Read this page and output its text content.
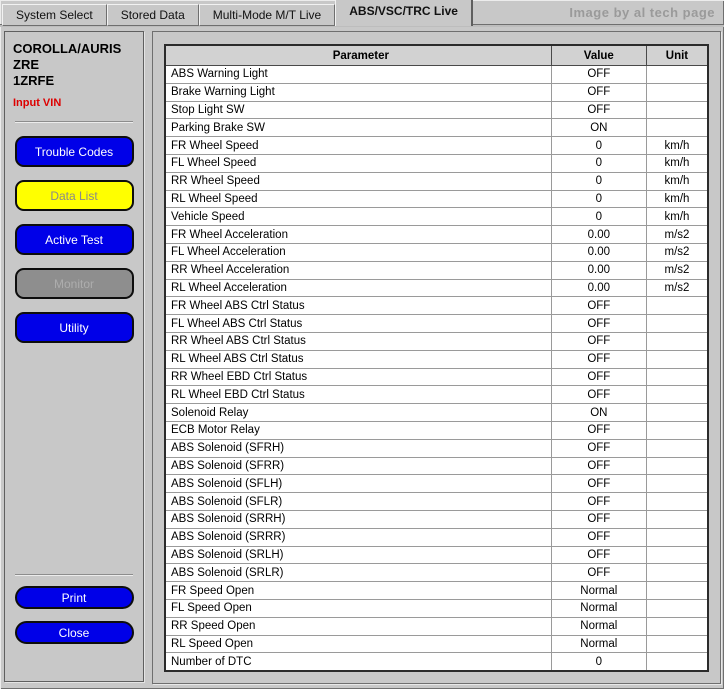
System Select	Stored Data	Multi-Mode M/T Live	ABS/VSC/TRC Live	Image by al tech page
COROLLA/AURIS
ZRE
1ZRFE
Input VIN
Trouble Codes
Data List
Active Test
Monitor
Utility
Print
Close
Parameter	Value	Unit
ABS Warning Light	OFF
Brake Warning Light	OFF
Stop Light SW	OFF
Parking Brake SW	ON
FR Wheel Speed	0	km/h
FL Wheel Speed	0	km/h
RR Wheel Speed	0	km/h
RL Wheel Speed	0	km/h
Vehicle Speed	0	km/h
FR Wheel Acceleration	0.00	m/s2
FL Wheel Acceleration	0.00	m/s2
RR Wheel Acceleration	0.00	m/s2
RL Wheel Acceleration	0.00	m/s2
FR Wheel ABS Ctrl Status	OFF
FL Wheel ABS Ctrl Status	OFF
RR Wheel ABS Ctrl Status	OFF
RL Wheel ABS Ctrl Status	OFF
RR Wheel EBD Ctrl Status	OFF
RL Wheel EBD Ctrl Status	OFF
Solenoid Relay	ON
ECB Motor Relay	OFF
ABS Solenoid (SFRH)	OFF
ABS Solenoid (SFRR)	OFF
ABS Solenoid (SFLH)	OFF
ABS Solenoid (SFLR)	OFF
ABS Solenoid (SRRH)	OFF
ABS Solenoid (SRRR)	OFF
ABS Solenoid (SRLH)	OFF
ABS Solenoid (SRLR)	OFF
FR Speed Open	Normal
FL Speed Open	Normal
RR Speed Open	Normal
RL Speed Open	Normal
Number of DTC	0
